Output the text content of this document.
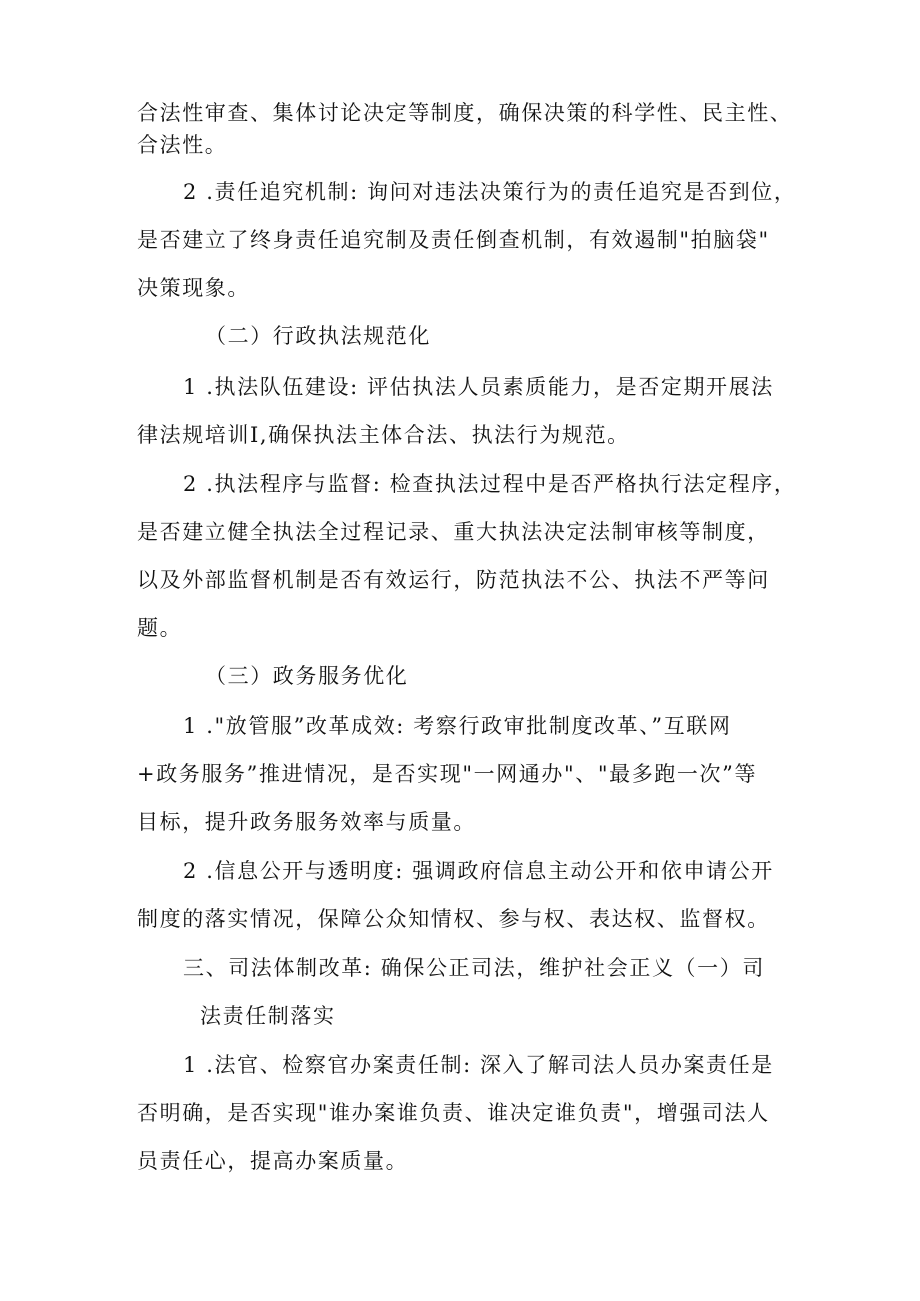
合法性审查、集体讨论决定等制度，确保决策的科学性、民主性、
合法性。
2 .责任追究机制: 询问对违法决策行为的责任追究是否到位，
是否建立了终身责任追究制及责任倒查机制，有效遏制"拍脑袋"
决策现象。
（二）行政执法规范化
1 .执法队伍建设: 评估执法人员素质能力，是否定期开展法
律法规培训I,确保执法主体合法、执法行为规范。
2 .执法程序与监督: 检查执法过程中是否严格执行法定程序，
是否建立健全执法全过程记录、重大执法决定法制审核等制度，
以及外部监督机制是否有效运行，防范执法不公、执法不严等问
题。
（三）政务服务优化
1 ."放管服”改革成效: 考察行政审批制度改革、”互联网
+政务服务”推进情况，是否实现"一网通办"、"最多跑一次”等
目标，提升政务服务效率与质量。
2 .信息公开与透明度: 强调政府信息主动公开和依申请公开
制度的落实情况，保障公众知情权、参与权、表达权、监督权。
三、司法体制改革: 确保公正司法，维护社会正义（一）司
法责任制落实
1 .法官、检察官办案责任制: 深入了解司法人员办案责任是
否明确，是否实现"谁办案谁负责、谁决定谁负责"，增强司法人
员责任心，提高办案质量。
